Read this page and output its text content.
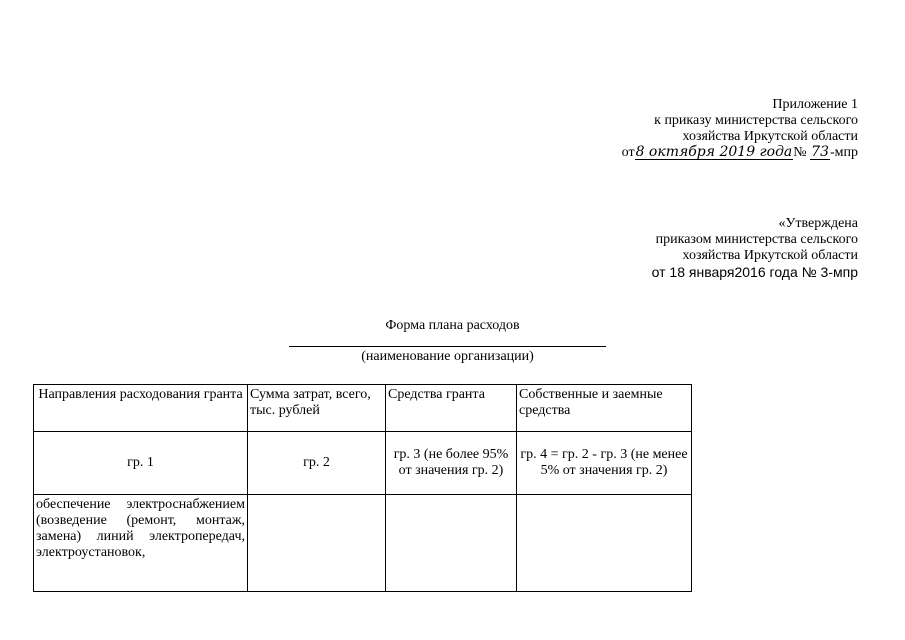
Приложение 1
к приказу министерства сельского
хозяйства Иркутской области
от8 октября 2019 года№ 73-мпр
«Утверждена
приказом министерства сельского
хозяйства Иркутской области
от 18 января2016 года № 3-мпр
Форма плана расходов
(наименование организации)
Направления расходования гранта	Сумма затрат, всего, тыс. рублей	Средства гранта	Собственные и заемные средства
гр. 1	гр. 2	гр. 3 (не более 95% от значения гр. 2)	гр. 4 = гр. 2 - гр. 3 (не менее 5% от значения гр. 2)
обеспечение электроснабжением (возведение (ремонт, монтаж, замена) линий электропередач, электроустановок,			
